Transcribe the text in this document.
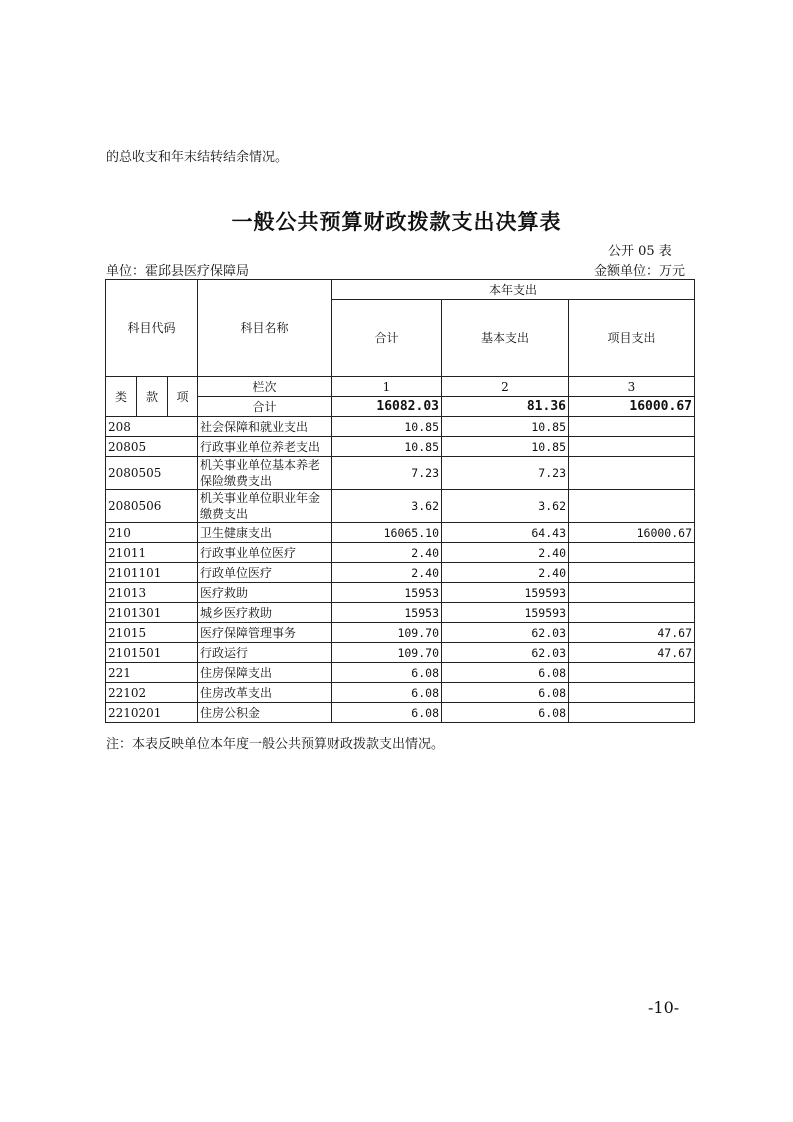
的总收支和年末结转结余情况。
一般公共预算财政拨款支出决算表
公开 05 表
单位：霍邱县医疗保障局	金额单位：万元
科目代码			科目名称	本年支出		
				合计	基本支出	项目支出
类	款	项	栏次	1	2	3
			合计	16082.03	81.36	16000.67
208			社会保障和就业支出	10.85	10.85	
20805			行政事业单位养老支出	10.85	10.85	
2080505			机关事业单位基本养老保险缴费支出	7.23	7.23	
2080506			机关事业单位职业年金缴费支出	3.62	3.62	
210			卫生健康支出	16065.10	64.43	16000.67
21011			行政事业单位医疗	2.40	2.40	
2101101			行政单位医疗	2.40	2.40	
21013			医疗救助	15953	159593	
2101301			城乡医疗救助	15953	159593	
21015			医疗保障管理事务	109.70	62.03	47.67
2101501			行政运行	109.70	62.03	47.67
221			住房保障支出	6.08	6.08	
22102			住房改革支出	6.08	6.08	
2210201			住房公积金	6.08	6.08	
注：本表反映单位本年度一般公共预算财政拨款支出情况。
-10-
